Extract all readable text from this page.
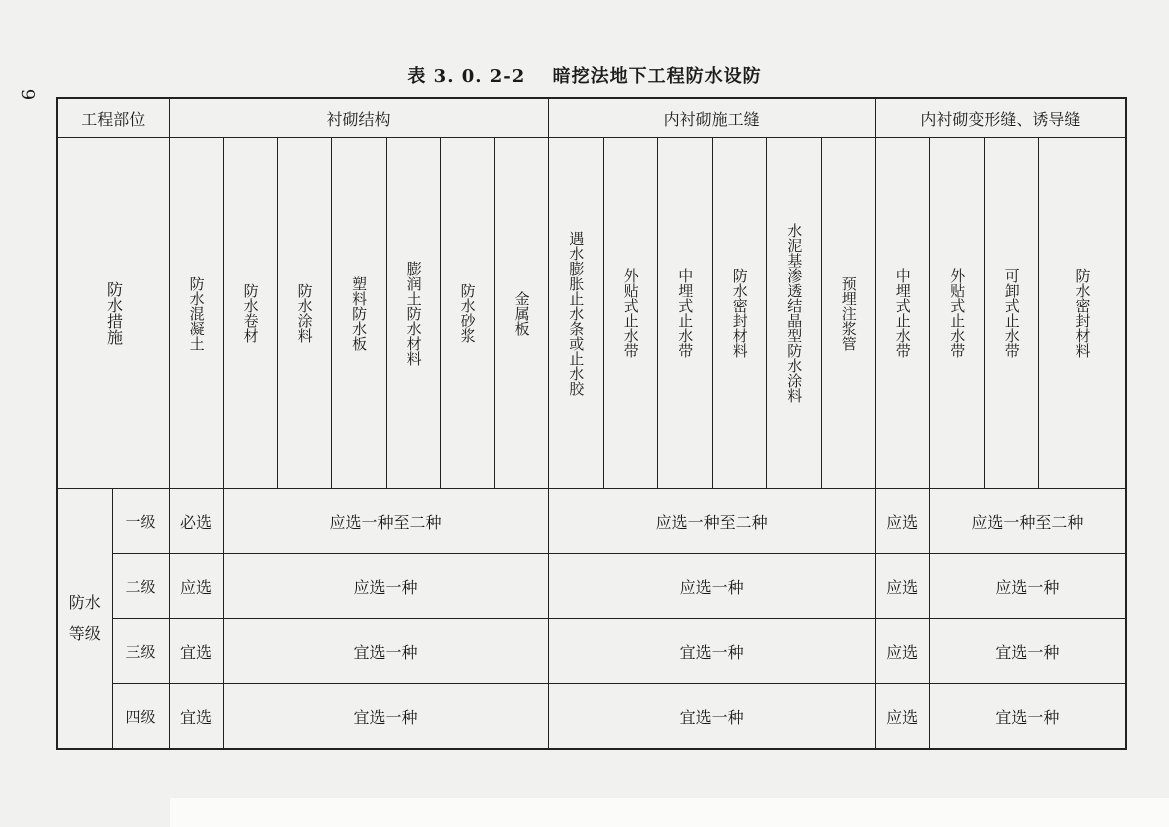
9
表 3. 0. 2-2 暗挖法地下工程防水设防
工程部位		衬砌结构							内衬砌施工缝						内衬砌变形缝、诱导缝			

防水措施		防水混凝土	防水卷材	防水涂料	塑料防水板	膨润土防水材料	防水砂浆	金属板	遇水膨胀止水条或止水胶	外贴式止水带	中埋式止水带	防水密封材料	水泥基渗透结晶型防水涂料	预埋注浆管	中埋式止水带	外贴式止水带	可卸式止水带	防水密封材料

防水等级	一级	必选	应选一种至二种						应选一种至二种						应选	应选一种至二种		
	二级	应选	应选一种						应选一种						应选	应选一种		
	三级	宜选	宜选一种						宜选一种						应选	宜选一种		
	四级	宜选	宜选一种						宜选一种						应选	宜选一种		
